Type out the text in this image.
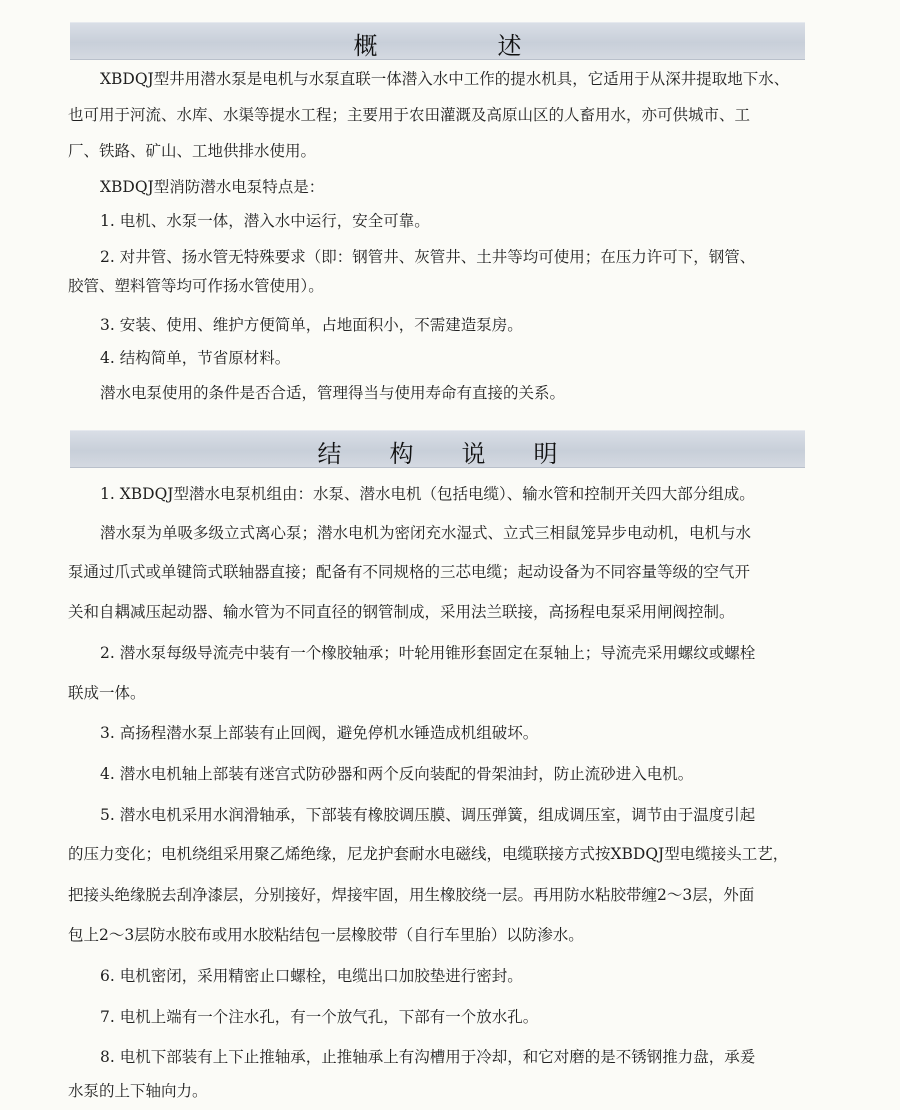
概　　　　　述
XBDQJ型井用潜水泵是电机与水泵直联一体潜入水中工作的提水机具，它适用于从深井提取地下水、
也可用于河流、水库、水渠等提水工程；主要用于农田灌溉及高原山区的人畜用水，亦可供城市、工
厂、铁路、矿山、工地供排水使用。
XBDQJ型消防潜水电泵特点是：
1. 电机、水泵一体，潜入水中运行，安全可靠。
2. 对井管、扬水管无特殊要求（即：钢管井、灰管井、土井等均可使用；在压力许可下，钢管、
胶管、塑料管等均可作扬水管使用）。
3. 安装、使用、维护方便简单，占地面积小，不需建造泵房。
4. 结构简单，节省原材料。
潜水电泵使用的条件是否合适，管理得当与使用寿命有直接的关系。
结　　构　　说　　明
1. XBDQJ型潜水电泵机组由：水泵、潜水电机（包括电缆）、输水管和控制开关四大部分组成。
潜水泵为单吸多级立式离心泵；潜水电机为密闭充水湿式、立式三相鼠笼异步电动机，电机与水
泵通过爪式或单键筒式联轴器直接；配备有不同规格的三芯电缆；起动设备为不同容量等级的空气开
关和自耦减压起动器、输水管为不同直径的钢管制成，采用法兰联接，高扬程电泵采用闸阀控制。
2. 潜水泵每级导流壳中装有一个橡胶轴承；叶轮用锥形套固定在泵轴上；导流壳采用螺纹或螺栓
联成一体。
3. 高扬程潜水泵上部装有止回阀，避免停机水锤造成机组破坏。
4. 潜水电机轴上部装有迷宫式防砂器和两个反向装配的骨架油封，防止流砂进入电机。
5. 潜水电机采用水润滑轴承，下部装有橡胶调压膜、调压弹簧，组成调压室，调节由于温度引起
的压力变化；电机绕组采用聚乙烯绝缘，尼龙护套耐水电磁线，电缆联接方式按XBDQJ型电缆接头工艺，
把接头绝缘脱去刮净漆层，分别接好，焊接牢固，用生橡胶绕一层。再用防水粘胶带缠2～3层，外面
包上2～3层防水胶布或用水胶粘结包一层橡胶带（自行车里胎）以防渗水。
6. 电机密闭，采用精密止口螺栓，电缆出口加胶垫进行密封。
7. 电机上端有一个注水孔，有一个放气孔，下部有一个放水孔。
8. 电机下部装有上下止推轴承，止推轴承上有沟槽用于冷却，和它对磨的是不锈钢推力盘，承爰
水泵的上下轴向力。
